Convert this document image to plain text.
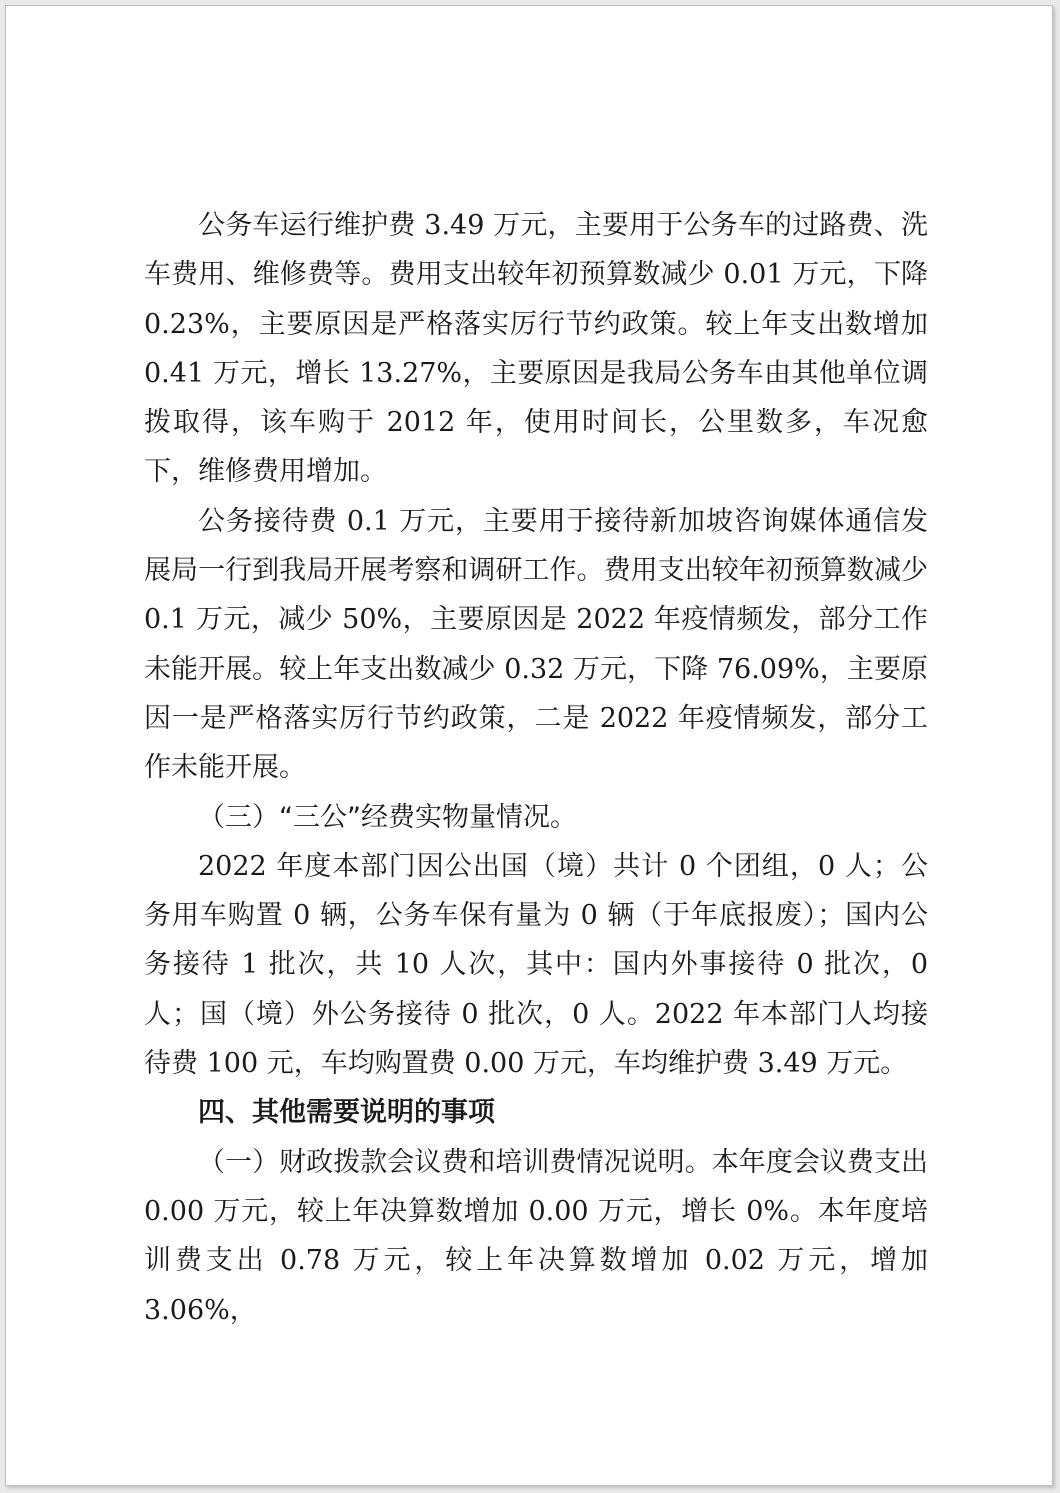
公务车运行维护费 3.49 万元，主要用于公务车的过路费、洗车费用、维修费等。费用支出较年初预算数减少 0.01 万元，下降 0.23%，主要原因是严格落实厉行节约政策。较上年支出数增加 0.41 万元，增长 13.27%，主要原因是我局公务车由其他单位调拨取得，该车购于 2012 年，使用时间长，公里数多，车况愈下，维修费用增加。

公务接待费 0.1 万元，主要用于接待新加坡咨询媒体通信发展局一行到我局开展考察和调研工作。费用支出较年初预算数减少 0.1 万元，减少 50%，主要原因是 2022 年疫情频发，部分工作未能开展。较上年支出数减少 0.32 万元，下降 76.09%，主要原因一是严格落实厉行节约政策，二是 2022 年疫情频发，部分工作未能开展。

（三）“三公”经费实物量情况。

2022 年度本部门因公出国（境）共计 0 个团组，0 人；公务用车购置 0 辆，公务车保有量为 0 辆（于年底报废）；国内公务接待 1 批次，共 10 人次，其中：国内外事接待 0 批次，0 人；国（境）外公务接待 0 批次，0 人。2022 年本部门人均接待费 100 元，车均购置费 0.00 万元，车均维护费 3.49 万元。

四、其他需要说明的事项

（一）财政拨款会议费和培训费情况说明。本年度会议费支出 0.00 万元，较上年决算数增加 0.00 万元，增长 0%。本年度培训费支出 0.78 万元，较上年决算数增加 0.02 万元，增加 3.06%，
